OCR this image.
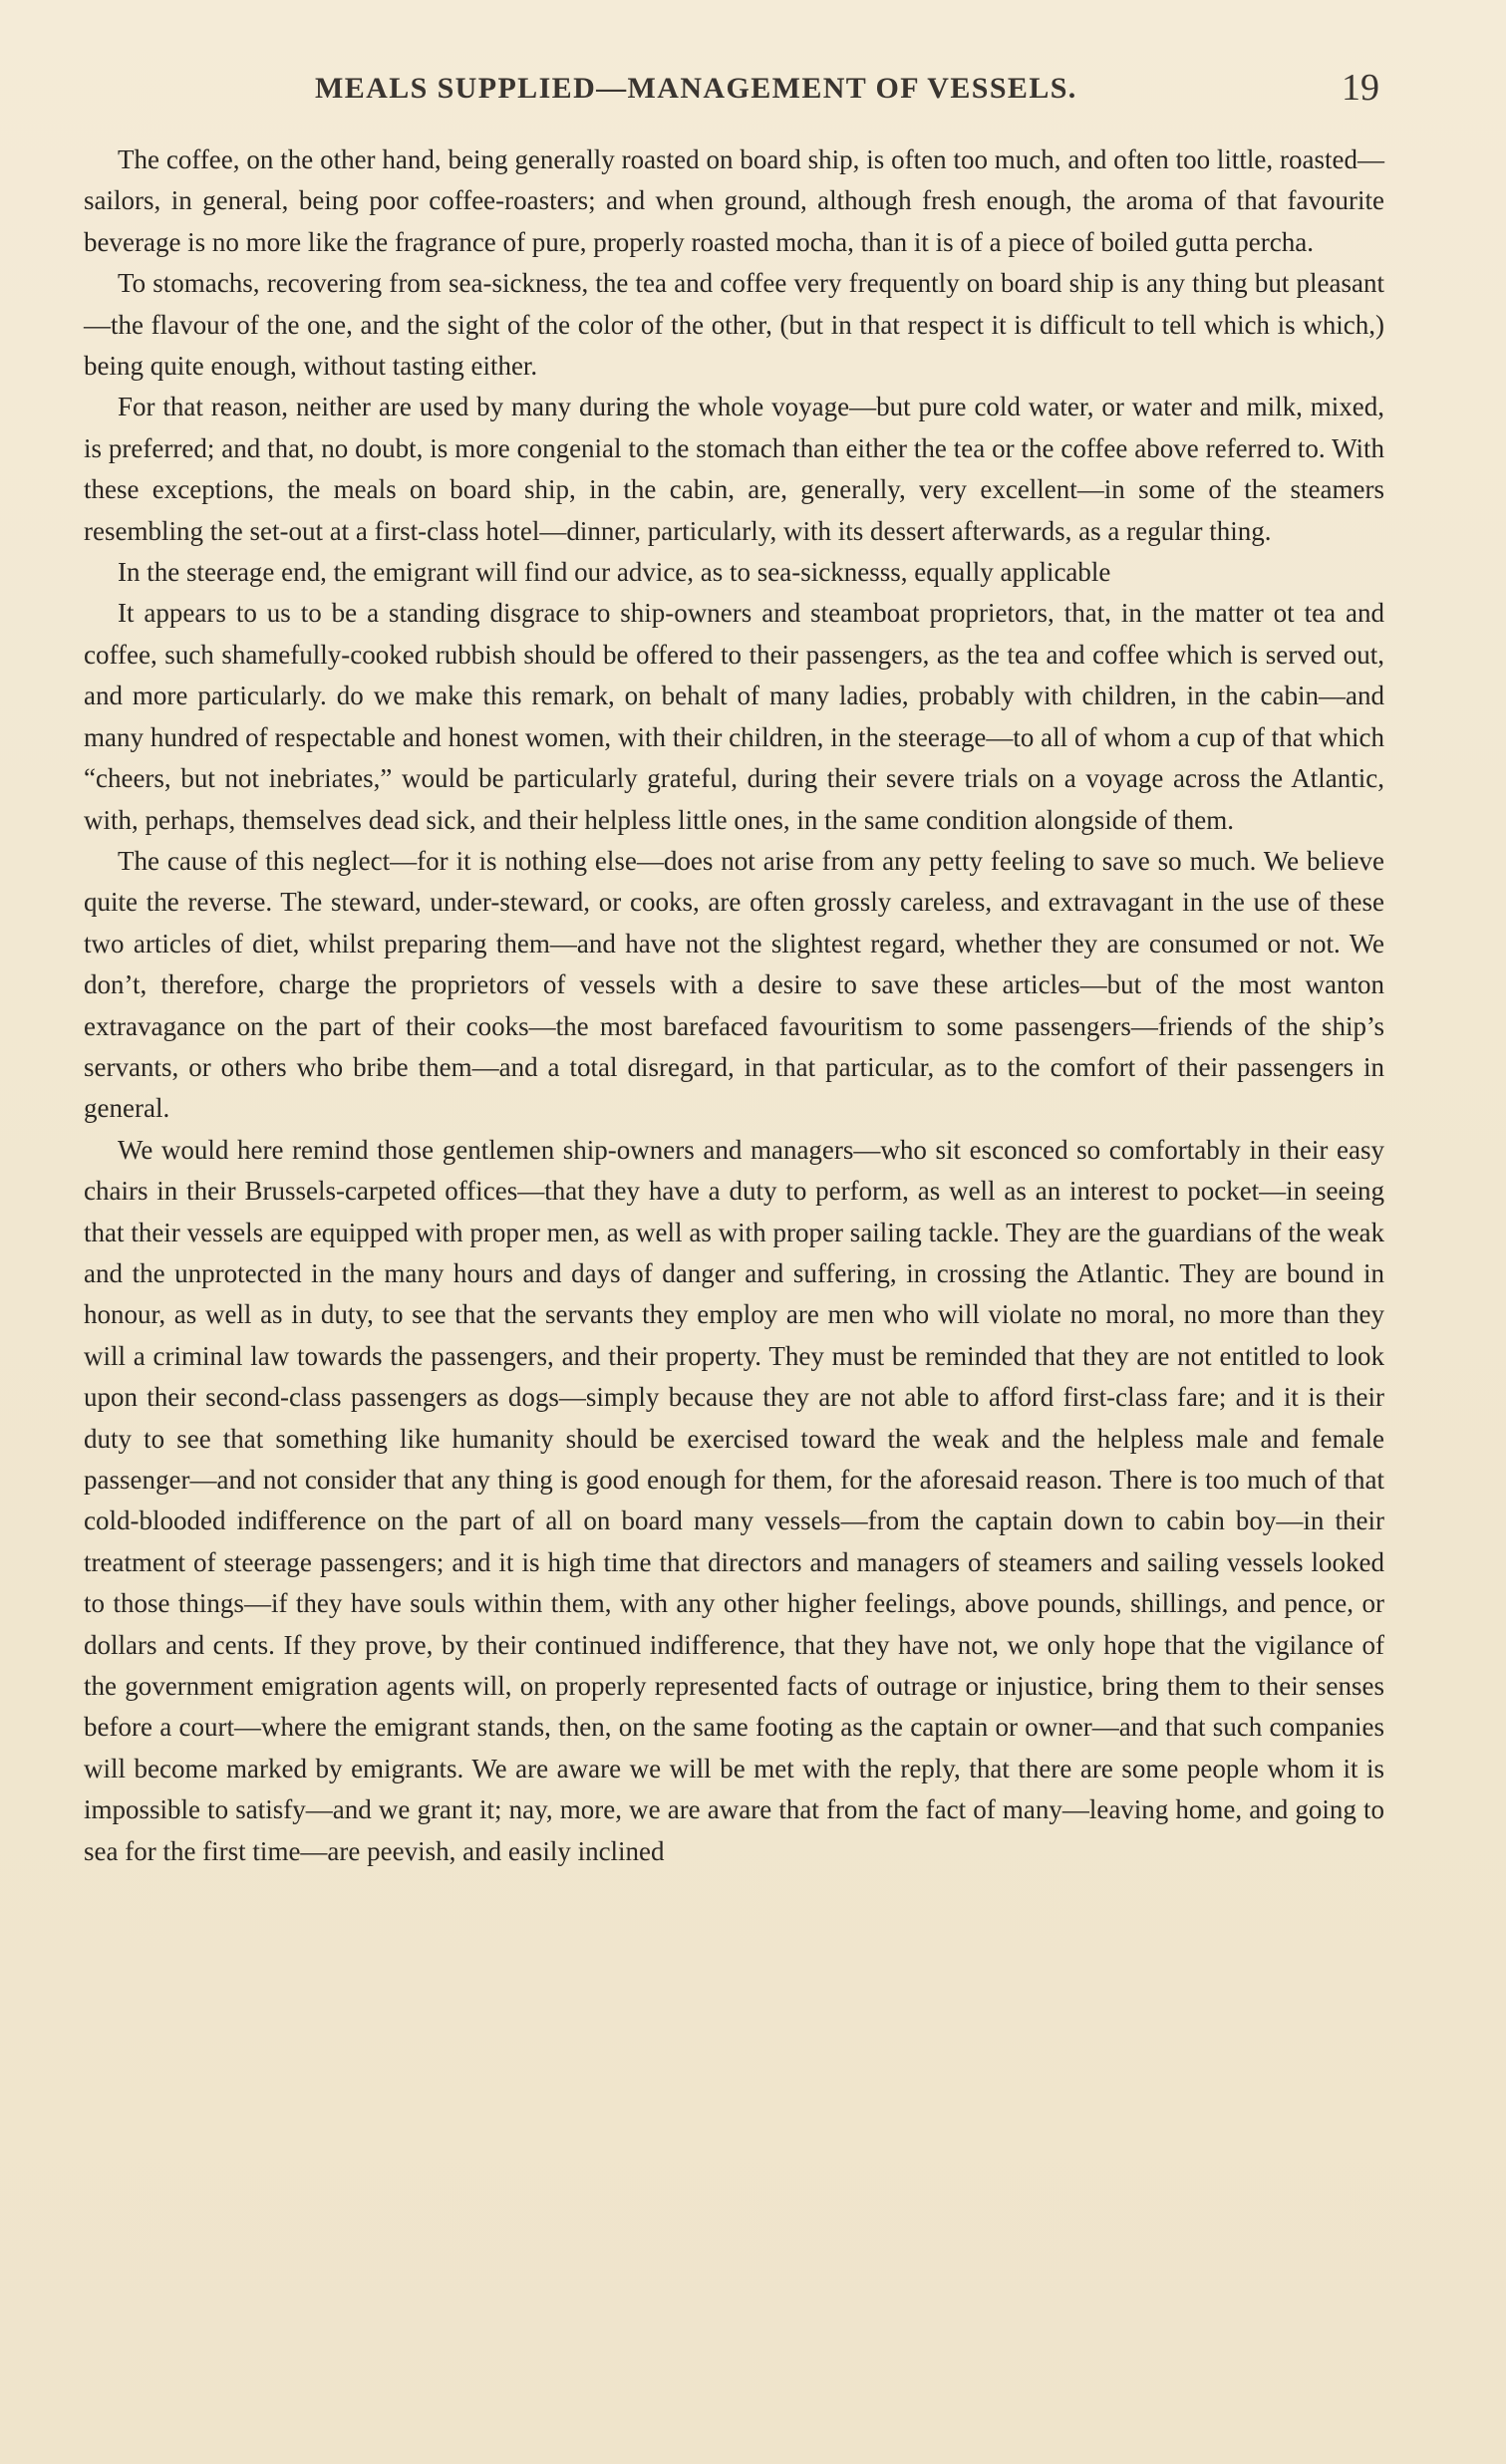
MEALS SUPPLIED—MANAGEMENT OF VESSELS.	19

The coffee, on the other hand, being generally roasted on board ship, is often too much, and often too little, roasted—sailors, in general, being poor coffee-roasters; and when ground, although fresh enough, the aroma of that favourite beverage is no more like the fragrance of pure, properly roasted mocha, than it is of a piece of boiled gutta percha.

To stomachs, recovering from sea-sickness, the tea and coffee very frequently on board ship is any thing but pleasant—the flavour of the one, and the sight of the color of the other, (but in that respect it is difficult to tell which is which,) being quite enough, without tasting either.

For that reason, neither are used by many during the whole voyage—but pure cold water, or water and milk, mixed, is preferred; and that, no doubt, is more congenial to the stomach than either the tea or the coffee above referred to. With these exceptions, the meals on board ship, in the cabin, are, generally, very excellent—in some of the steamers resembling the set-out at a first-class hotel—dinner, particularly, with its dessert afterwards, as a regular thing.

In the steerage end, the emigrant will find our advice, as to sea-sicknesss, equally applicable

It appears to us to be a standing disgrace to ship-owners and steamboat proprietors, that, in the matter ot tea and coffee, such shamefully-cooked rubbish should be offered to their passengers, as the tea and coffee which is served out, and more particularly. do we make this remark, on behalt of many ladies, probably with children, in the cabin—and many hundred of respectable and honest women, with their children, in the steerage—to all of whom a cup of that which “cheers, but not inebriates,” would be particularly grateful, during their severe trials on a voyage across the Atlantic, with, perhaps, themselves dead sick, and their helpless little ones, in the same condition alongside of them.

The cause of this neglect—for it is nothing else—does not arise from any petty feeling to save so much. We believe quite the reverse. The steward, under-steward, or cooks, are often grossly careless, and extravagant in the use of these two articles of diet, whilst preparing them—and have not the slightest regard, whether they are consumed or not. We don’t, therefore, charge the proprietors of vessels with a desire to save these articles—but of the most wanton extravagance on the part of their cooks—the most barefaced favouritism to some passengers—friends of the ship’s servants, or others who bribe them—and a total disregard, in that particular, as to the comfort of their passengers in general.

We would here remind those gentlemen ship-owners and managers—who sit esconced so comfortably in their easy chairs in their Brussels-carpeted offices—that they have a duty to perform, as well as an interest to pocket—in seeing that their vessels are equipped with proper men, as well as with proper sailing tackle. They are the guardians of the weak and the unprotected in the many hours and days of danger and suffering, in crossing the Atlantic. They are bound in honour, as well as in duty, to see that the servants they employ are men who will violate no moral, no more than they will a criminal law towards the passengers, and their property. They must be reminded that they are not entitled to look upon their second-class passengers as dogs—simply because they are not able to afford first-class fare; and it is their duty to see that something like humanity should be exercised toward the weak and the helpless male and female passenger—and not consider that any thing is good enough for them, for the aforesaid reason. There is too much of that cold-blooded indifference on the part of all on board many vessels—from the captain down to cabin boy—in their treatment of steerage passengers; and it is high time that directors and managers of steamers and sailing vessels looked to those things—if they have souls within them, with any other higher feelings, above pounds, shillings, and pence, or dollars and cents. If they prove, by their continued indifference, that they have not, we only hope that the vigilance of the government emigration agents will, on properly represented facts of outrage or injustice, bring them to their senses before a court—where the emigrant stands, then, on the same footing as the captain or owner—and that such companies will become marked by emigrants. We are aware we will be met with the reply, that there are some people whom it is impossible to satisfy—and we grant it; nay, more, we are aware that from the fact of many—leaving home, and going to sea for the first time—are peevish, and easily inclined
